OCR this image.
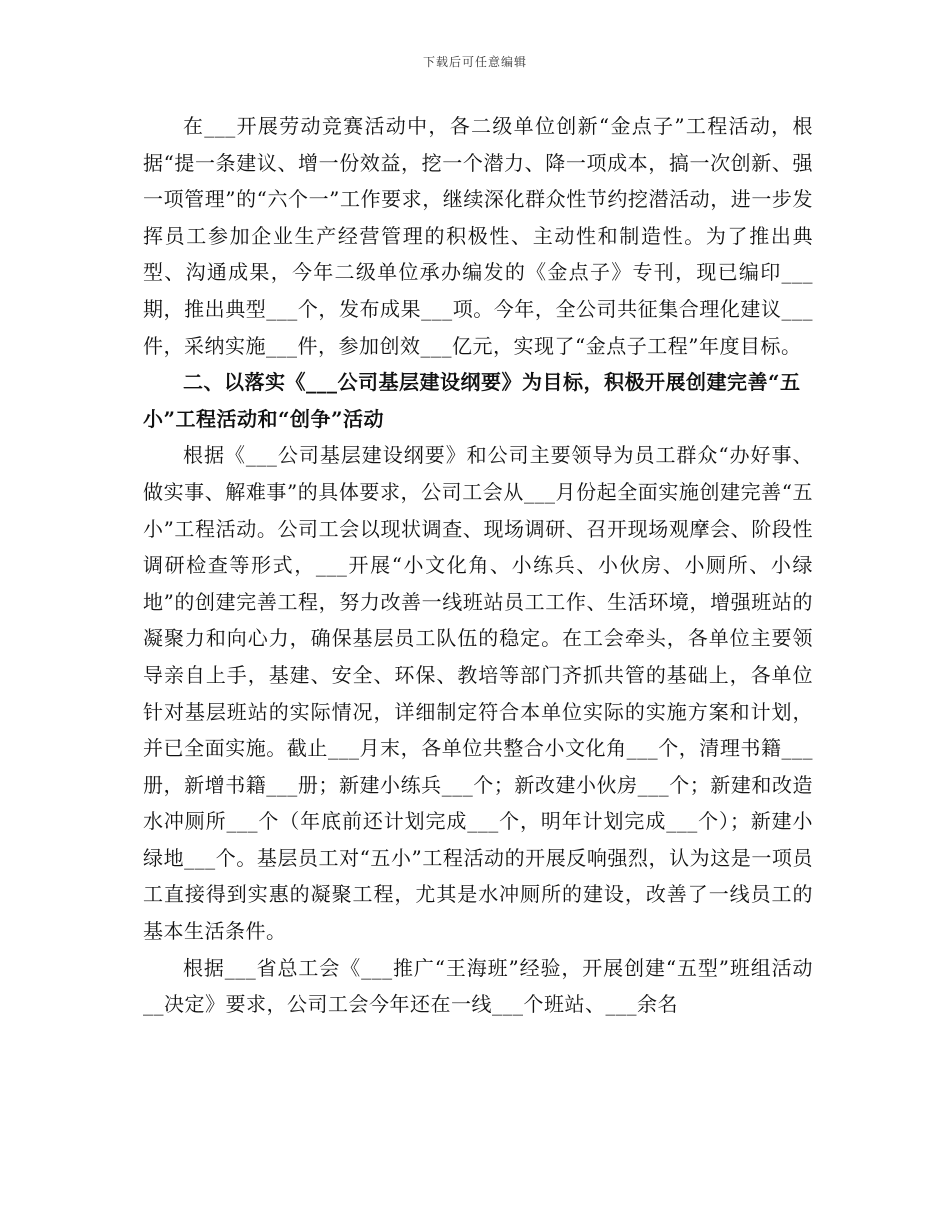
下载后可任意编辑

在___开展劳动竞赛活动中，各二级单位创新“金点子”工程活动，根据“提一条建议、增一份效益，挖一个潜力、降一项成本，搞一次创新、强一项管理”的“六个一”工作要求，继续深化群众性节约挖潜活动，进一步发挥员工参加企业生产经营管理的积极性、主动性和制造性。为了推出典型、沟通成果，今年二级单位承办编发的《金点子》专刊，现已编印___期，推出典型___个，发布成果___项。今年，全公司共征集合理化建议___件，采纳实施___件，参加创效___亿元，实现了“金点子工程”年度目标。

二、以落实《___公司基层建设纲要》为目标，积极开展创建完善“五小”工程活动和“创争”活动

根据《___公司基层建设纲要》和公司主要领导为员工群众“办好事、做实事、解难事”的具体要求，公司工会从___月份起全面实施创建完善“五小”工程活动。公司工会以现状调查、现场调研、召开现场观摩会、阶段性调研检查等形式，___开展“小文化角、小练兵、小伙房、小厕所、小绿地”的创建完善工程，努力改善一线班站员工工作、生活环境，增强班站的凝聚力和向心力，确保基层员工队伍的稳定。在工会牵头，各单位主要领导亲自上手，基建、安全、环保、教培等部门齐抓共管的基础上，各单位针对基层班站的实际情况，详细制定符合本单位实际的实施方案和计划，并已全面实施。截止___月末，各单位共整合小文化角___个，清理书籍___册，新增书籍___册；新建小练兵___个；新改建小伙房___个；新建和改造水冲厕所___个（年底前还计划完成___个，明年计划完成___个）；新建小绿地___个。基层员工对“五小”工程活动的开展反响强烈，认为这是一项员工直接得到实惠的凝聚工程，尤其是水冲厕所的建设，改善了一线员工的基本生活条件。

根据___省总工会《___推广“王海班”经验，开展创建“五型”班组活动__决定》要求，公司工会今年还在一线___个班站、___余名
